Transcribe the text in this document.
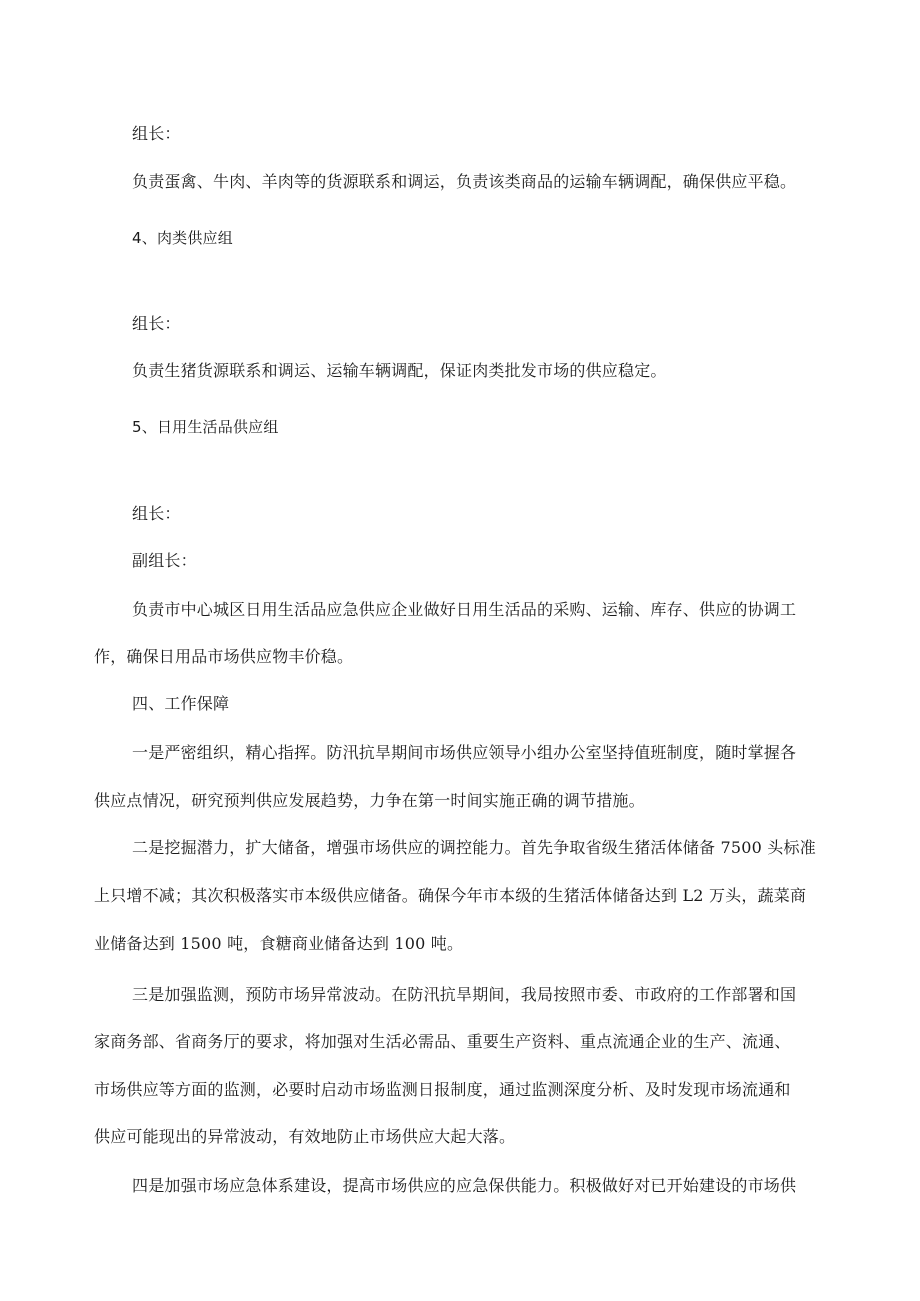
组长：
负责蛋禽、牛肉、羊肉等的货源联系和调运，负责该类商品的运输车辆调配，确保供应平稳。
4、肉类供应组
组长：
负责生猪货源联系和调运、运输车辆调配，保证肉类批发市场的供应稳定。
5、日用生活品供应组
组长：
副组长：
负责市中心城区日用生活品应急供应企业做好日用生活品的采购、运输、库存、供应的协调工
作，确保日用品市场供应物丰价稳。
四、工作保障
一是严密组织，精心指挥。防汛抗旱期间市场供应领导小组办公室坚持值班制度，随时掌握各
供应点情况，研究预判供应发展趋势，力争在第一时间实施正确的调节措施。
二是挖掘潜力，扩大储备，增强市场供应的调控能力。首先争取省级生猪活体储备 7500 头标准
上只增不减；其次积极落实市本级供应储备。确保今年市本级的生猪活体储备达到 L2 万头，蔬菜商
业储备达到 1500 吨，食糖商业储备达到 100 吨。
三是加强监测，预防市场异常波动。在防汛抗旱期间，我局按照市委、市政府的工作部署和国
家商务部、省商务厅的要求，将加强对生活必需品、重要生产资料、重点流通企业的生产、流通、
市场供应等方面的监测，必要时启动市场监测日报制度，通过监测深度分析、及时发现市场流通和
供应可能现出的异常波动，有效地防止市场供应大起大落。
四是加强市场应急体系建设，提高市场供应的应急保供能力。积极做好对已开始建设的市场供
